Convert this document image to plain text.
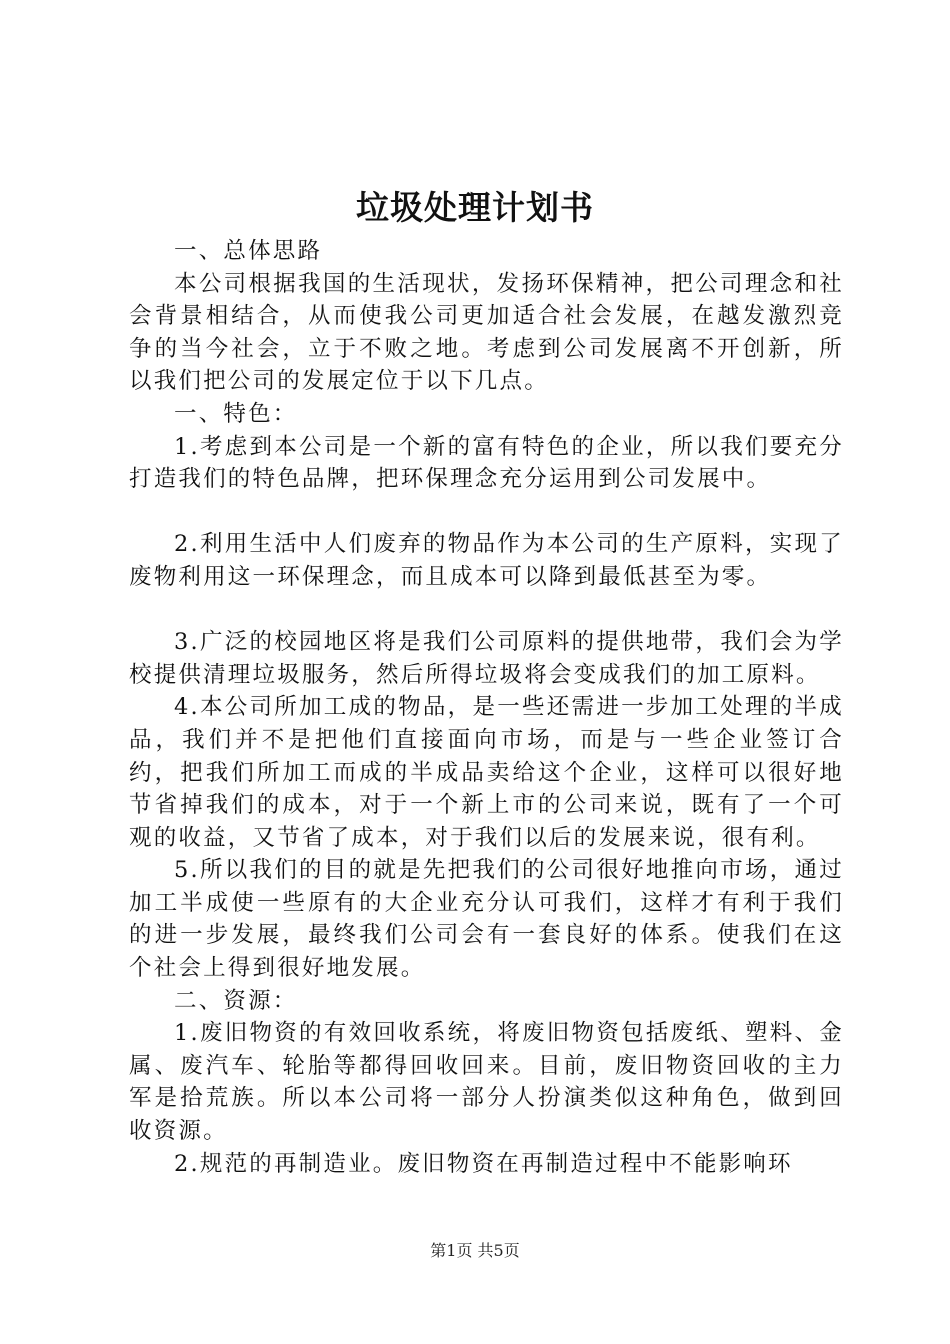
垃圾处理计划书

一、总体思路

本公司根据我国的生活现状，发扬环保精神，把公司理念和社会背景相结合，从而使我公司更加适合社会发展，在越发激烈竞争的当今社会，立于不败之地。考虑到公司发展离不开创新，所以我们把公司的发展定位于以下几点。

一、特色：

1.考虑到本公司是一个新的富有特色的企业，所以我们要充分打造我们的特色品牌，把环保理念充分运用到公司发展中。

2.利用生活中人们废弃的物品作为本公司的生产原料，实现了废物利用这一环保理念，而且成本可以降到最低甚至为零。

3.广泛的校园地区将是我们公司原料的提供地带，我们会为学校提供清理垃圾服务，然后所得垃圾将会变成我们的加工原料。

4.本公司所加工成的物品，是一些还需进一步加工处理的半成品，我们并不是把他们直接面向市场，而是与一些企业签订合约，把我们所加工而成的半成品卖给这个企业，这样可以很好地节省掉我们的成本，对于一个新上市的公司来说，既有了一个可观的收益，又节省了成本，对于我们以后的发展来说，很有利。

5.所以我们的目的就是先把我们的公司很好地推向市场，通过加工半成使一些原有的大企业充分认可我们，这样才有利于我们的进一步发展，最终我们公司会有一套良好的体系。使我们在这个社会上得到很好地发展。

二、资源：

1.废旧物资的有效回收系统，将废旧物资包括废纸、塑料、金属、废汽车、轮胎等都得回收回来。目前，废旧物资回收的主力军是拾荒族。所以本公司将一部分人扮演类似这种角色，做到回收资源。

2.规范的再制造业。废旧物资在再制造过程中不能影响环

第1页 共5页
